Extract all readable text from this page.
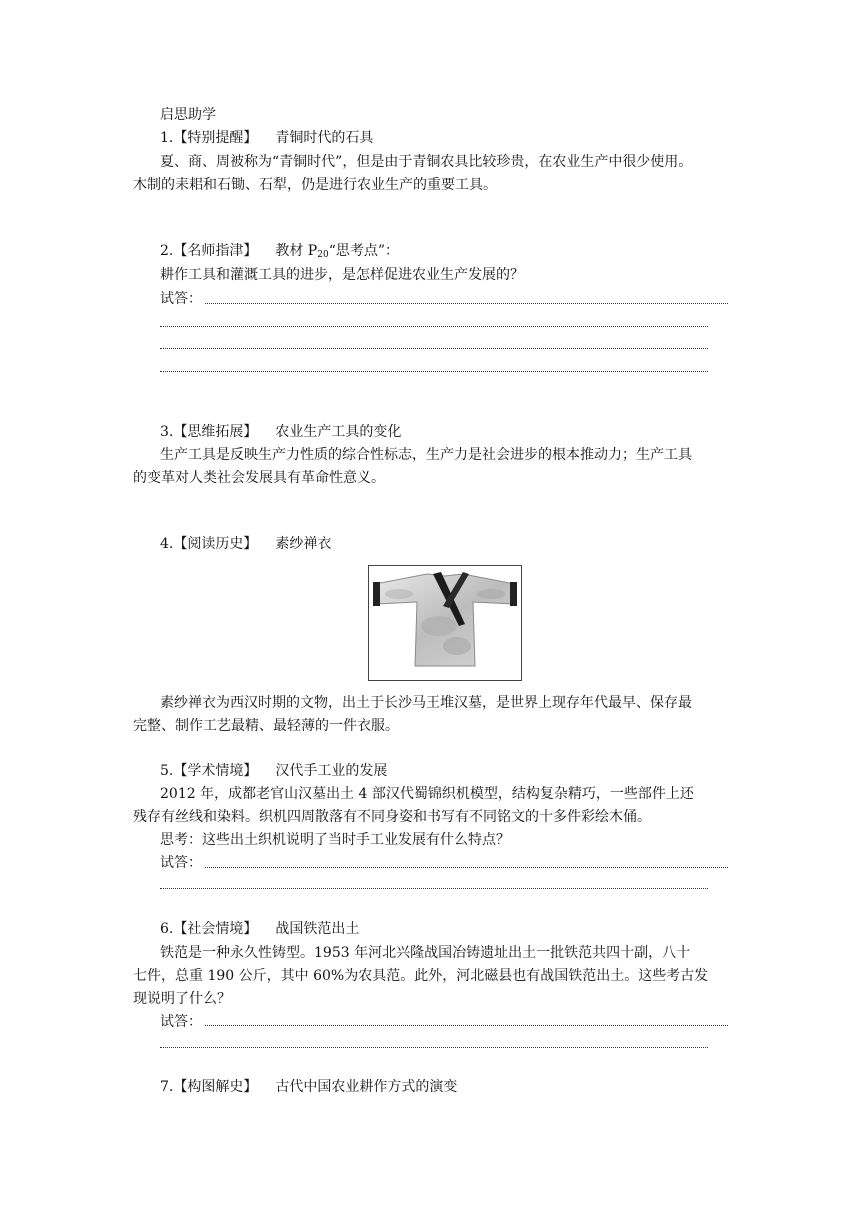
启思助学
1.【特别提醒】 青铜时代的石具
夏、商、周被称为“青铜时代”，但是由于青铜农具比较珍贵，在农业生产中很少使用。
木制的耒耜和石锄、石犁，仍是进行农业生产的重要工具。
2.【名师指津】 教材 $P_{20}“$思考点”：
耕作工具和灌溉工具的进步，是怎样促进农业生产发展的？
试答：
3.【思维拓展】 农业生产工具的变化
生产工具是反映生产力性质的综合性标志，生产力是社会进步的根本推动力；生产工具
的变革对人类社会发展具有革命性意义。
4.【阅读历史】 素纱禅衣
素纱禅衣为西汉时期的文物，出土于长沙马王堆汉墓，是世界上现存年代最早、保存最
完整、制作工艺最精、最轻薄的一件衣服。
5.【学术情境】 汉代手工业的发展
2012 年，成都老官山汉墓出土 4 部汉代蜀锦织机模型，结构复杂精巧，一些部件上还
残存有丝线和染料。织机四周散落有不同身姿和书写有不同铭文的十多件彩绘木俑。
思考：这些出土织机说明了当时手工业发展有什么特点？
试答：
6.【社会情境】 战国铁范出土
铁范是一种永久性铸型。1953 年河北兴隆战国冶铸遗址出土一批铁范共四十副，八十
七件，总重 190 公斤，其中 60%为农具范。此外，河北磁县也有战国铁范出土。这些考古发
现说明了什么？
试答：
7.【构图解史】 古代中国农业耕作方式的演变
